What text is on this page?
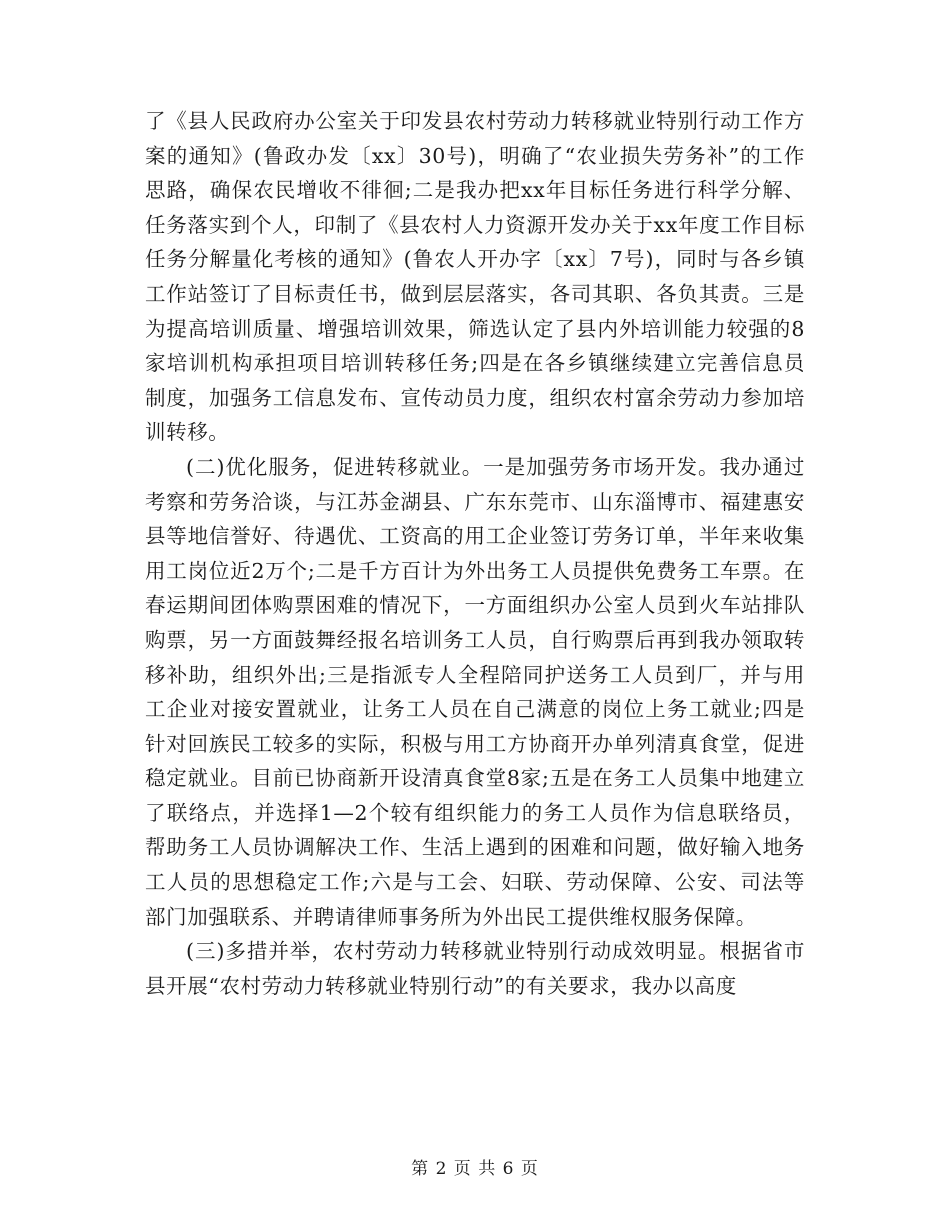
了《县人民政府办公室关于印发县农村劳动力转移就业特别行动工作方案的通知》(鲁政办发〔xx〕30号)，明确了“农业损失劳务补”的工作思路，确保农民增收不徘徊;二是我办把xx年目标任务进行科学分解、任务落实到个人，印制了《县农村人力资源开发办关于xx年度工作目标任务分解量化考核的通知》(鲁农人开办字〔xx〕7号)，同时与各乡镇工作站签订了目标责任书，做到层层落实，各司其职、各负其责。三是为提高培训质量、增强培训效果，筛选认定了县内外培训能力较强的8家培训机构承担项目培训转移任务;四是在各乡镇继续建立完善信息员制度，加强务工信息发布、宣传动员力度，组织农村富余劳动力参加培训转移。

(二)优化服务，促进转移就业。一是加强劳务市场开发。我办通过考察和劳务洽谈，与江苏金湖县、广东东莞市、山东淄博市、福建惠安县等地信誉好、待遇优、工资高的用工企业签订劳务订单，半年来收集用工岗位近2万个;二是千方百计为外出务工人员提供免费务工车票。在春运期间团体购票困难的情况下，一方面组织办公室人员到火车站排队购票，另一方面鼓舞经报名培训务工人员，自行购票后再到我办领取转移补助，组织外出;三是指派专人全程陪同护送务工人员到厂，并与用工企业对接安置就业，让务工人员在自己满意的岗位上务工就业;四是针对回族民工较多的实际，积极与用工方协商开办单列清真食堂，促进稳定就业。目前已协商新开设清真食堂8家;五是在务工人员集中地建立了联络点，并选择1—2个较有组织能力的务工人员作为信息联络员，帮助务工人员协调解决工作、生活上遇到的困难和问题，做好输入地务工人员的思想稳定工作;六是与工会、妇联、劳动保障、公安、司法等部门加强联系、并聘请律师事务所为外出民工提供维权服务保障。

(三)多措并举，农村劳动力转移就业特别行动成效明显。根据省市县开展“农村劳动力转移就业特别行动”的有关要求，我办以高度

第 2 页 共 6 页
